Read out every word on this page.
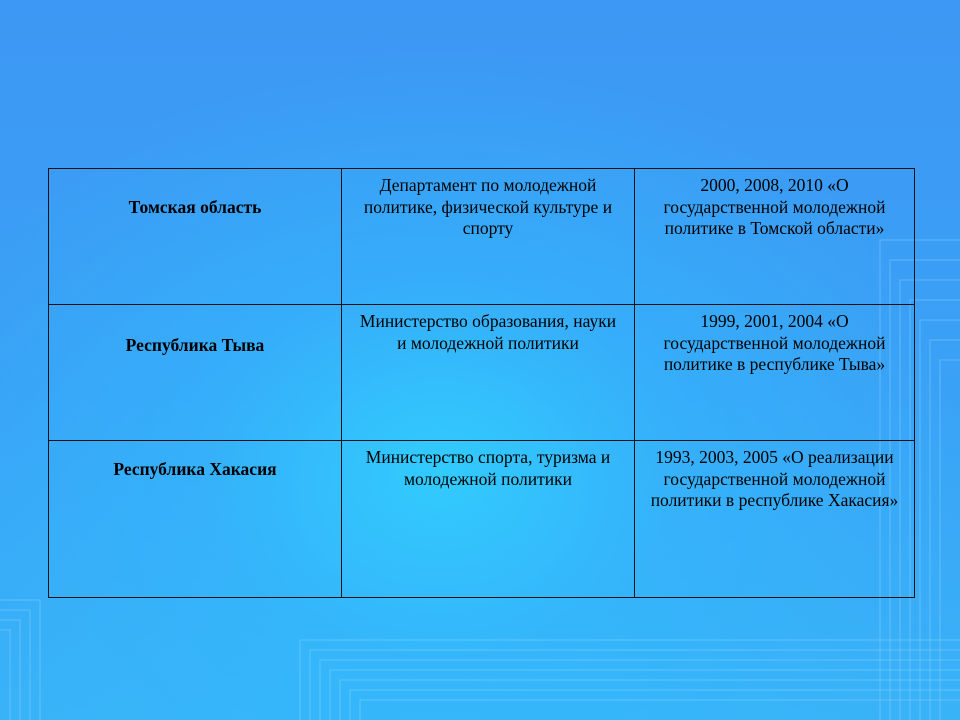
Томская область	Департамент по молодежной политике, физической культуре и спорту	2000, 2008, 2010 «О государственной молодежной политике в Томской области»

Республика Тыва	Министерство образования, науки и молодежной политики	1999, 2001, 2004 «О государственной молодежной политике в республике Тыва»

Республика Хакасия	Министерство спорта, туризма и молодежной политики	1993, 2003, 2005 «О реализации государственной молодежной политики в республике Хакасия»
